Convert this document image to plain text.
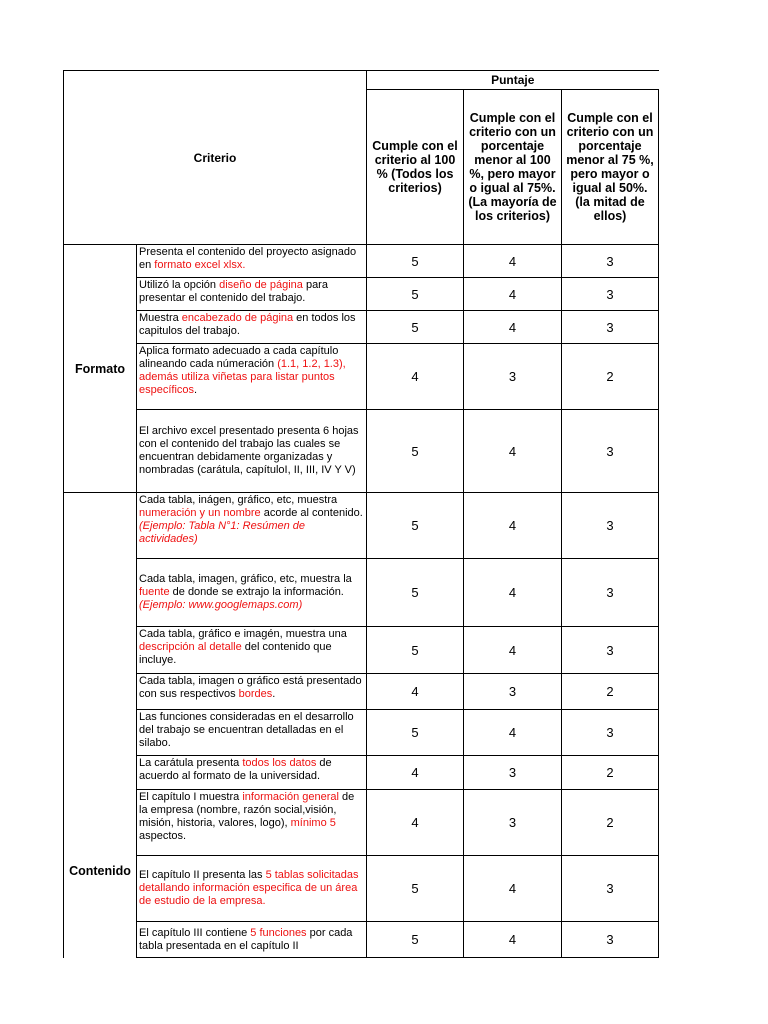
Criterio		Puntaje		
		Cumple con el criterio al 100 % (Todos los criterios)	Cumple con el criterio con un porcentaje menor al 100 %, pero mayor o igual al 75%. (La mayoría de los criterios)	Cumple con el criterio con un porcentaje menor al 75 %, pero mayor o igual al 50%. (la mitad de ellos)
Formato	Presenta el contenido del proyecto asignado en formato excel xlsx.	5	4	3
	Utilizó la opción diseño de página para presentar el contenido del trabajo.	5	4	3
	Muestra encabezado de página en todos los capitulos del trabajo.	5	4	3
	Aplica formato adecuado a cada capítulo alineando cada númeración (1.1, 1.2, 1.3), además utiliza viñetas para listar puntos específicos.	4	3	2
	El archivo excel presentado presenta 6 hojas con el contenido del trabajo las cuales se encuentran debidamente organizadas y nombradas (carátula, capítuloI, II, III, IV Y V)	5	4	3
Contenido	Cada tabla, inágen, gráfico, etc, muestra numeración y un nombre acorde al contenido. (Ejemplo: Tabla N°1: Resúmen de actividades)	5	4	3
	Cada tabla, imagen, gráfico, etc, muestra la fuente de donde se extrajo la información. (Ejemplo: www.googlemaps.com)	5	4	3
	Cada tabla, gráfico e imagén, muestra una descripción al detalle del contenido que incluye.	5	4	3
	Cada tabla, imagen o gráfico está presentado con sus respectivos bordes.	4	3	2
	Las funciones consideradas en el desarrollo del trabajo se encuentran detalladas en el silabo.	5	4	3
	La carátula presenta todos los datos de acuerdo al formato de la universidad.	4	3	2
	El capítulo I muestra información general de la empresa (nombre, razón social,visión, misión, historia, valores, logo), mínimo 5 aspectos.	4	3	2
	El capítulo II presenta las 5 tablas solicitadas detallando información especifica de un área de estudio de la empresa.	5	4	3
	El capítulo III contiene 5 funciones por cada tabla presentada en el capítulo II	5	4	3
